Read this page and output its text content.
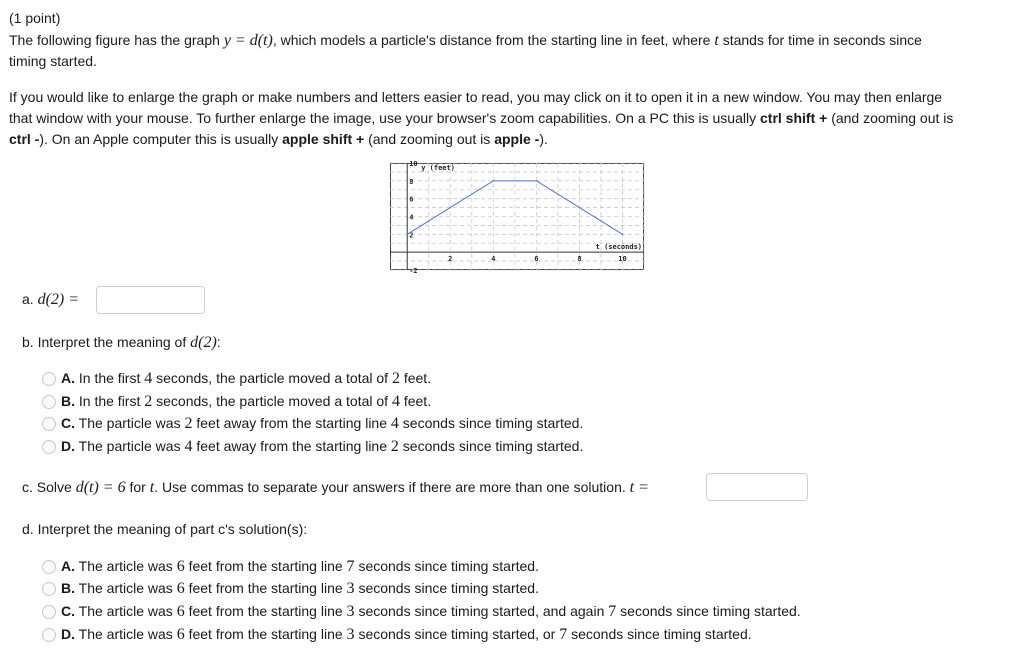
(1 point)
The following figure has the graph y = d(t), which models a particle's distance from the starting line in feet, where t stands for time in seconds since
timing started.
If you would like to enlarge the graph or make numbers and letters easier to read, you may click on it to open it in a new window. You may then enlarge
that window with your mouse. To further enlarge the image, use your browser's zoom capabilities. On a PC this is usually ctrl shift + (and zooming out is
ctrl -). On an Apple computer this is usually apple shift + (and zooming out is apple -).
2	4	6	8	10
10
8
6
4
2
-2
y (feet)
t (seconds)
a. d(2) =
b. Interpret the meaning of d(2):
A. In the first 4 seconds, the particle moved a total of 2 feet.
B. In the first 2 seconds, the particle moved a total of 4 feet.
C. The particle was 2 feet away from the starting line 4 seconds since timing started.
D. The particle was 4 feet away from the starting line 2 seconds since timing started.
c. Solve d(t) = 6 for t. Use commas to separate your answers if there are more than one solution. t =
d. Interpret the meaning of part c's solution(s):
A. The article was 6 feet from the starting line 7 seconds since timing started.
B. The article was 6 feet from the starting line 3 seconds since timing started.
C. The article was 6 feet from the starting line 3 seconds since timing started, and again 7 seconds since timing started.
D. The article was 6 feet from the starting line 3 seconds since timing started, or 7 seconds since timing started.
